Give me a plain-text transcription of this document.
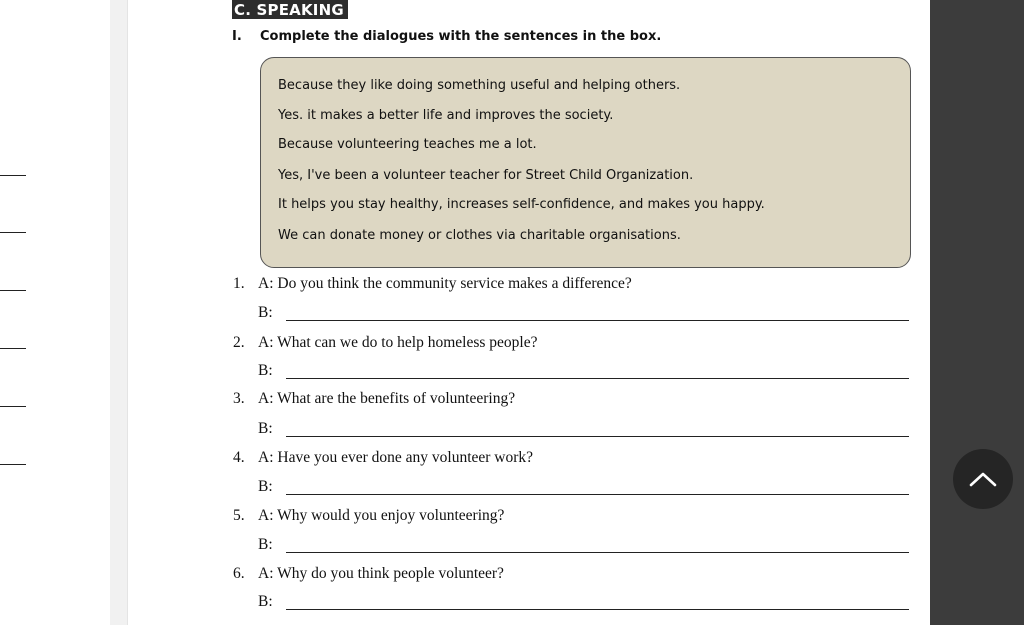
C. SPEAKING
I. Complete the dialogues with the sentences in the box.
Because they like doing something useful and helping others.
Yes. it makes a better life and improves the society.
Because volunteering teaches me a lot.
Yes, I've been a volunteer teacher for Street Child Organization.
It helps you stay healthy, increases self-confidence, and makes you happy.
We can donate money or clothes via charitable organisations.
1. A: Do you think the community service makes a difference?
B:
2. A: What can we do to help homeless people?
B:
3. A: What are the benefits of volunteering?
B:
4. A: Have you ever done any volunteer work?
B:
5. A: Why would you enjoy volunteering?
B:
6. A: Why do you think people volunteer?
B:
